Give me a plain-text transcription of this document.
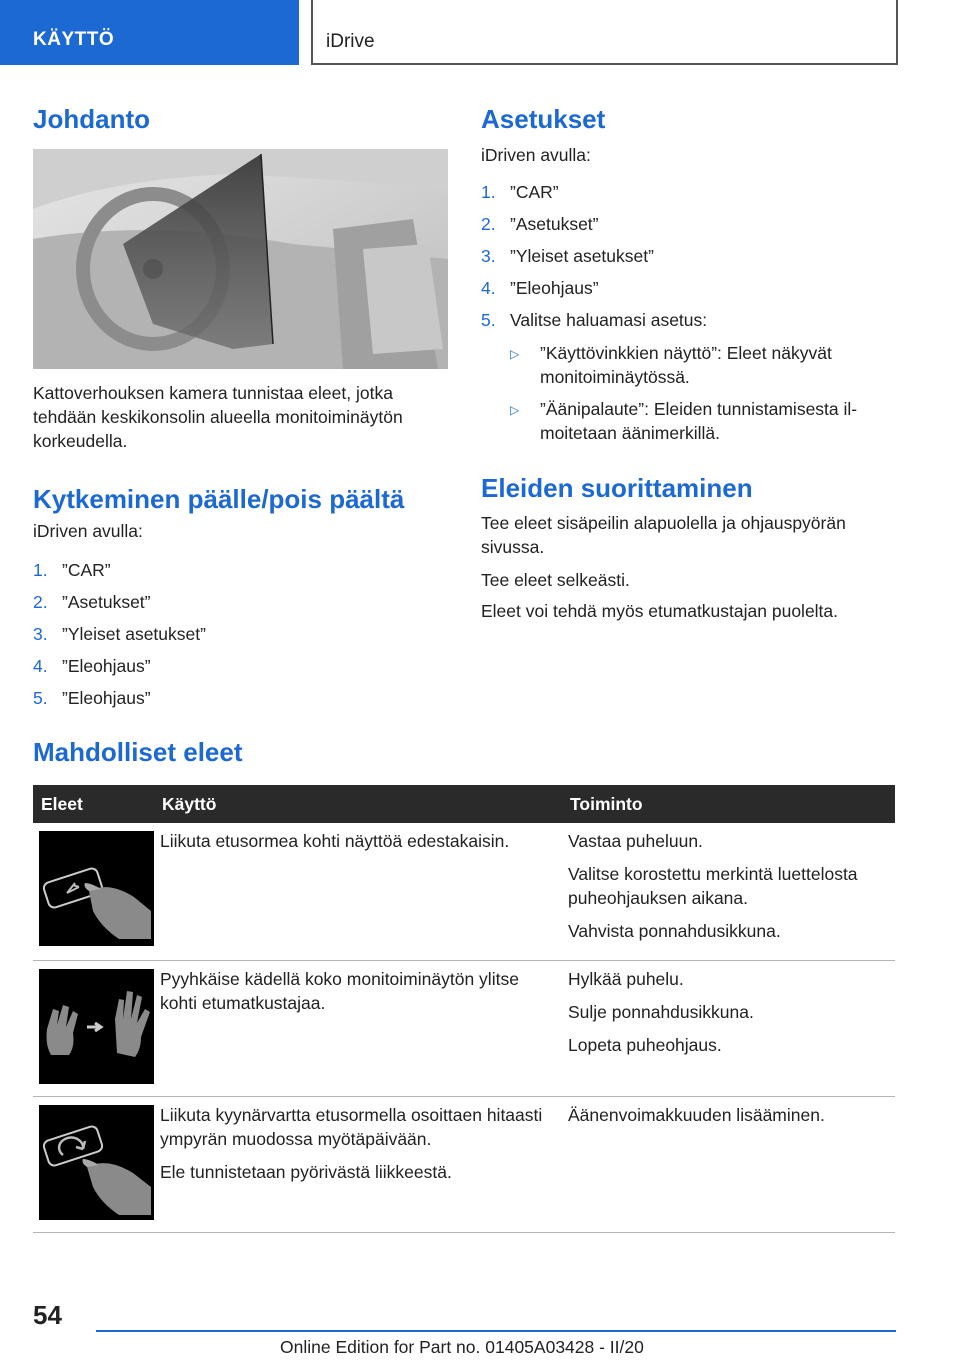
KÄYTTÖ	iDrive
Johdanto

Kattoverhouksen kamera tunnistaa eleet, jotka tehdään keskikonsolin alueella monitoiminäytön korkeudella.

Kytkeminen päälle/pois päältä

iDriven avulla:

1. ”CAR”
2. ”Asetukset”
3. ”Yleiset asetukset”
4. ”Eleohjaus”
5. ”Eleohjaus”
Asetukset

iDriven avulla:

1. ”CAR”
2. ”Asetukset”
3. ”Yleiset asetukset”
4. ”Eleohjaus”
5. Valitse haluamasi asetus:
▷ ”Käyttövinkkien näyttö”: Eleet näkyvät monitoiminäytössä.
▷ ”Äänipalaute”: Eleiden tunnistamisesta ilmoitetaan äänimerkillä.
Eleiden suorittaminen

Tee eleet sisäpeilin alapuolella ja ohjauspyörän sivussa.

Tee eleet selkeästi.

Eleet voi tehdä myös etumatkustajan puolelta.

Mahdolliset eleet
Eleet	Käyttö	Toiminto

Liikuta etusormea kohti näyttöä edestakaisin.	Vastaa puheluun.

Valitse korostettu merkintä luettelosta puheohjauksen aikana.

Vahvista ponnahdusikkuna.

Pyyhkäise kädellä koko monitoiminäytön ylitse kohti etumatkustajaa.	Hylkää puhelu.

Sulje ponnahdusikkuna.

Lopeta puheohjaus.

Liikuta kyynärvartta etusormella osoittaen hitaasti ympyrän muodossa myötäpäivään.

Ele tunnistetaan pyörivästä liikkeestä.	Äänenvoimakkuuden lisääminen.

54
Online Edition for Part no. 01405A03428 - II/20
